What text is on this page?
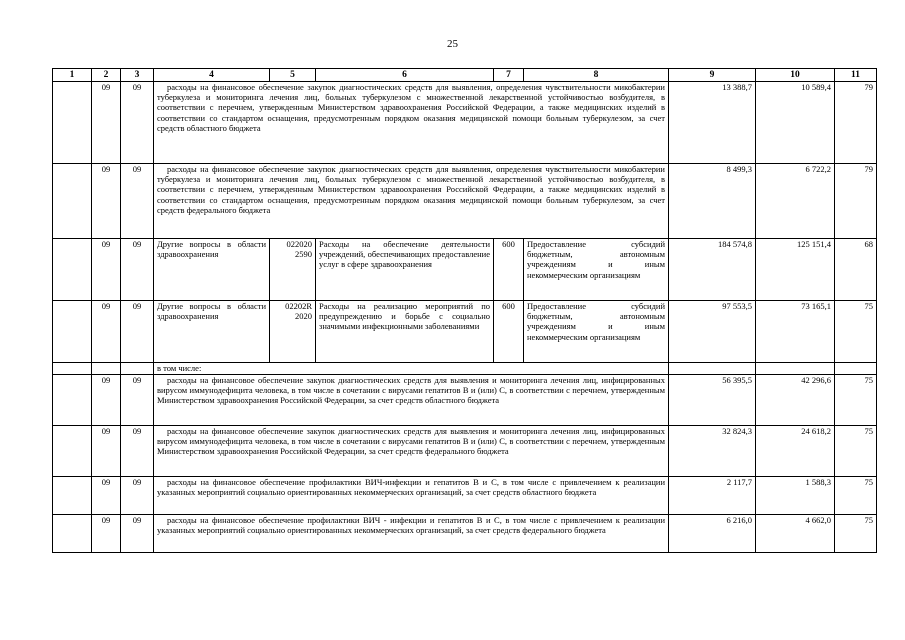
25
1	2	3	4	5	6	7	8	9	10	11
	09	09	расходы на финансовое обеспечение закупок диагностических средств для выявления, определения чувствительности микобактерии туберкулеза и мониторинга лечения лиц, больных туберкулезом с множественной лекарственной устойчивостью возбудителя, в соответствии с перечнем, утвержденным Министерством здравоохранения Российской Федерации, а также медицинских изделий в соответствии со стандартом оснащения, предусмотренным порядком оказания медицинской помощи больным туберкулезом, за счет средств областного бюджета					13 388,7	10 589,4	79
	09	09	расходы на финансовое обеспечение закупок диагностических средств для выявления, определения чувствительности микобактерии туберкулеза и мониторинга лечения лиц, больных туберкулезом с множественной лекарственной устойчивостью возбудителя, в соответствии с перечнем, утвержденным Министерством здравоохранения Российской Федерации, а также медицинских изделий в соответствии со стандартом оснащения, предусмотренным порядком оказания медицинской помощи больным туберкулезом, за счет средств федерального бюджета					8 499,3	6 722,2	79
	09	09	Другие вопросы в области здравоохранения	022020 2590	Расходы на обеспечение деятельности учреждений, обеспечивающих предоставление услуг в сфере здравоохранения	600	Предоставление субсидий бюджетным, автономным учреждениям и иным некоммерческим организациям	184 574,8	125 151,4	68
	09	09	Другие вопросы в области здравоохранения	02202R 2020	Расходы на реализацию мероприятий по предупреждению и борьбе с социально значимыми инфекционными заболеваниями	600	Предоставление субсидий бюджетным, автономным учреждениям и иным некоммерческим организациям	97 553,5	73 165,1	75
			в том числе:							
	09	09	расходы на финансовое обеспечение закупок диагностических средств для выявления и мониторинга лечения лиц, инфицированных вирусом иммунодефицита человека, в том числе в сочетании с вирусами гепатитов B и (или) C, в соответствии с перечнем, утвержденным Министерством здравоохранения Российской Федерации, за счет средств областного бюджета					56 395,5	42 296,6	75
	09	09	расходы на финансовое обеспечение закупок диагностических средств для выявления и мониторинга лечения лиц, инфицированных вирусом иммунодефицита человека, в том числе в сочетании с вирусами гепатитов B и (или) C, в соответствии с перечнем, утвержденным Министерством здравоохранения Российской Федерации, за счет средств федерального бюджета					32 824,3	24 618,2	75
	09	09	расходы на финансовое обеспечение профилактики ВИЧ-инфекции и гепатитов B и C, в том числе с привлечением к реализации указанных мероприятий социально ориентированных некоммерческих организаций, за счет средств областного бюджета					2 117,7	1 588,3	75
	09	09	расходы на финансовое обеспечение профилактики ВИЧ - инфекции и гепатитов B и C, в том числе с привлечением к реализации указанных мероприятий социально ориентированных некоммерческих организаций, за счет средств федерального бюджета					6 216,0	4 662,0	75
